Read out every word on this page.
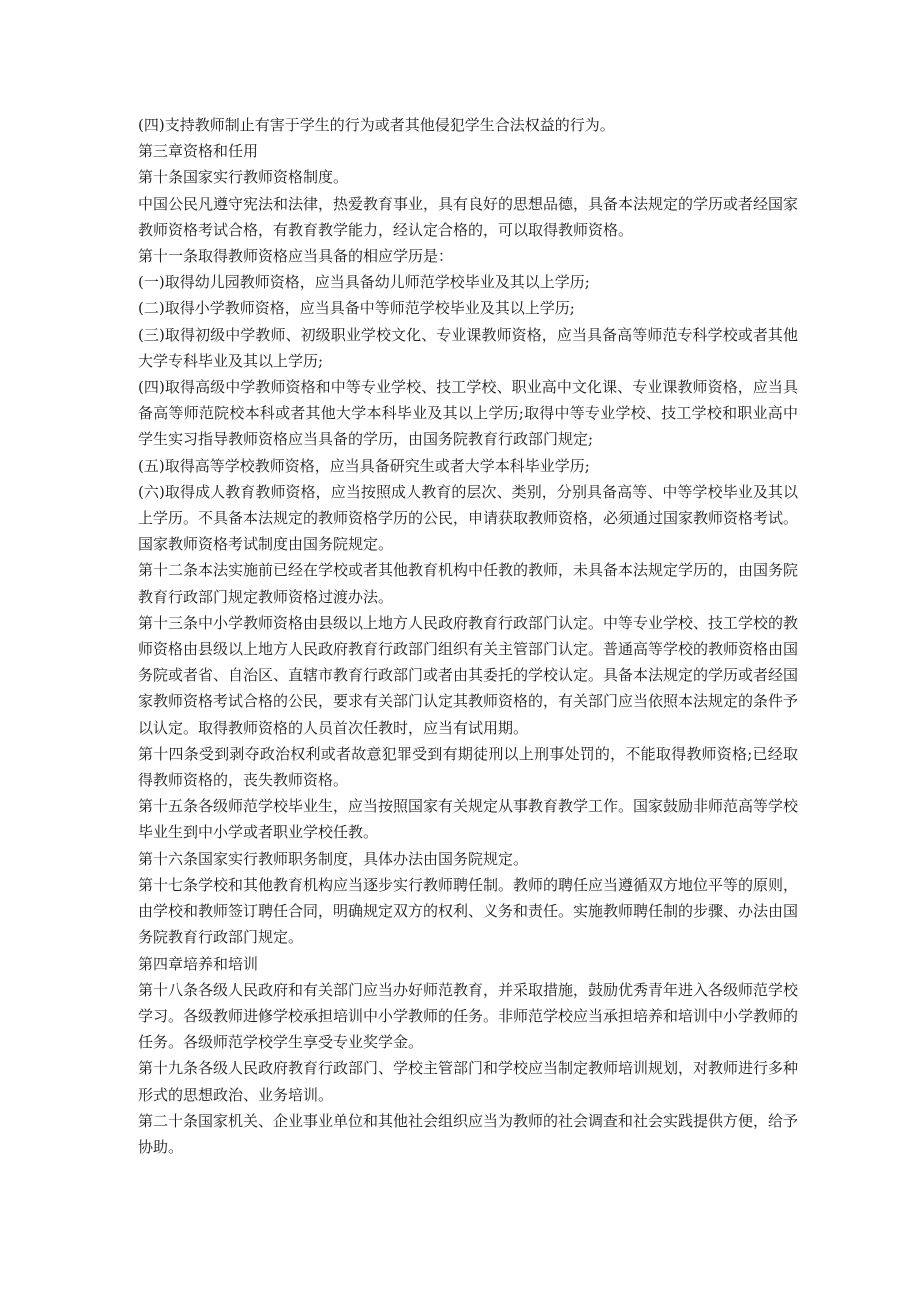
(四)支持教师制止有害于学生的行为或者其他侵犯学生合法权益的行为。

第三章资格和任用

第十条国家实行教师资格制度。

中国公民凡遵守宪法和法律，热爱教育事业，具有良好的思想品德，具备本法规定的学历或者经国家教师资格考试合格，有教育教学能力，经认定合格的，可以取得教师资格。

第十一条取得教师资格应当具备的相应学历是：

(一)取得幼儿园教师资格，应当具备幼儿师范学校毕业及其以上学历;

(二)取得小学教师资格，应当具备中等师范学校毕业及其以上学历;

(三)取得初级中学教师、初级职业学校文化、专业课教师资格，应当具备高等师范专科学校或者其他大学专科毕业及其以上学历;

(四)取得高级中学教师资格和中等专业学校、技工学校、职业高中文化课、专业课教师资格，应当具备高等师范院校本科或者其他大学本科毕业及其以上学历;取得中等专业学校、技工学校和职业高中学生实习指导教师资格应当具备的学历，由国务院教育行政部门规定;

(五)取得高等学校教师资格，应当具备研究生或者大学本科毕业学历;

(六)取得成人教育教师资格，应当按照成人教育的层次、类别，分别具备高等、中等学校毕业及其以上学历。不具备本法规定的教师资格学历的公民，申请获取教师资格，必须通过国家教师资格考试。国家教师资格考试制度由国务院规定。

第十二条本法实施前已经在学校或者其他教育机构中任教的教师，未具备本法规定学历的，由国务院教育行政部门规定教师资格过渡办法。

第十三条中小学教师资格由县级以上地方人民政府教育行政部门认定。中等专业学校、技工学校的教师资格由县级以上地方人民政府教育行政部门组织有关主管部门认定。普通高等学校的教师资格由国务院或者省、自治区、直辖市教育行政部门或者由其委托的学校认定。具备本法规定的学历或者经国家教师资格考试合格的公民，要求有关部门认定其教师资格的，有关部门应当依照本法规定的条件予以认定。取得教师资格的人员首次任教时，应当有试用期。

第十四条受到剥夺政治权利或者故意犯罪受到有期徒刑以上刑事处罚的，不能取得教师资格;已经取得教师资格的，丧失教师资格。

第十五条各级师范学校毕业生，应当按照国家有关规定从事教育教学工作。国家鼓励非师范高等学校毕业生到中小学或者职业学校任教。

第十六条国家实行教师职务制度，具体办法由国务院规定。

第十七条学校和其他教育机构应当逐步实行教师聘任制。教师的聘任应当遵循双方地位平等的原则，由学校和教师签订聘任合同，明确规定双方的权利、义务和责任。实施教师聘任制的步骤、办法由国务院教育行政部门规定。

第四章培养和培训

第十八条各级人民政府和有关部门应当办好师范教育，并采取措施，鼓励优秀青年进入各级师范学校学习。各级教师进修学校承担培训中小学教师的任务。非师范学校应当承担培养和培训中小学教师的任务。各级师范学校学生享受专业奖学金。

第十九条各级人民政府教育行政部门、学校主管部门和学校应当制定教师培训规划，对教师进行多种形式的思想政治、业务培训。

第二十条国家机关、企业事业单位和其他社会组织应当为教师的社会调查和社会实践提供方便，给予协助。
